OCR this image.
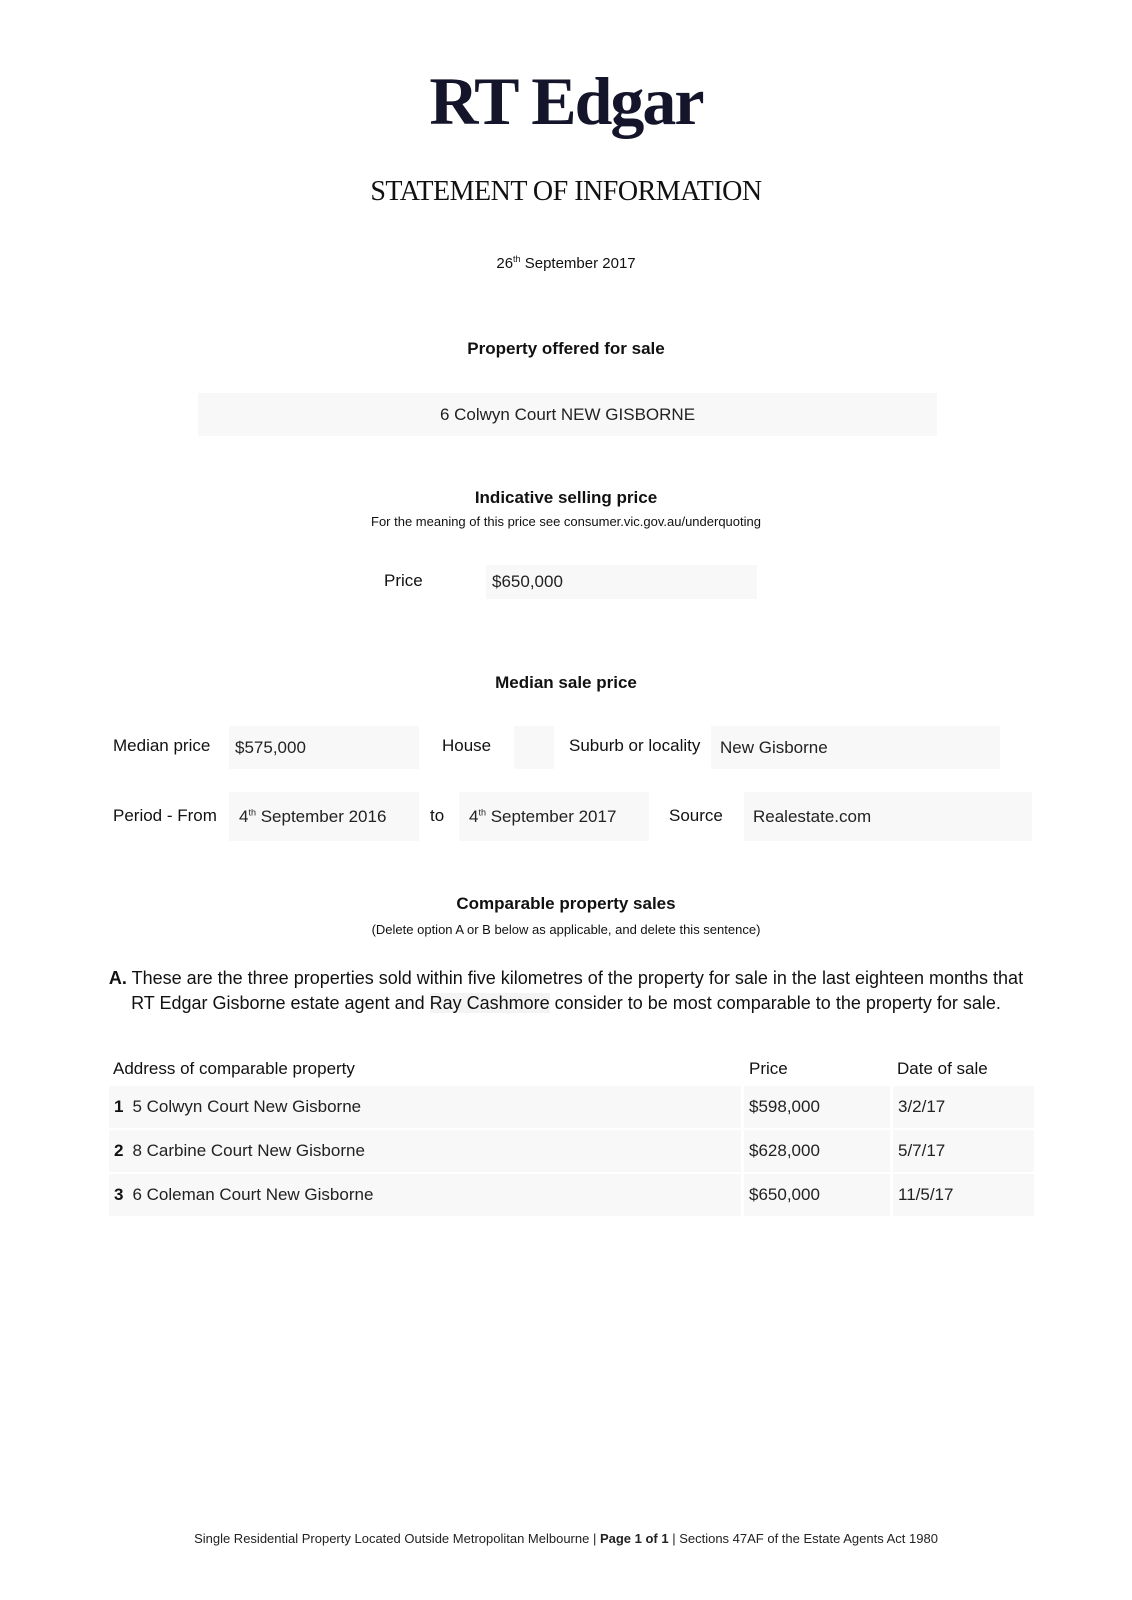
RT Edgar
STATEMENT OF INFORMATION
26th September 2017
Property offered for sale
6 Colwyn Court NEW GISBORNE
Indicative selling price
For the meaning of this price see consumer.vic.gov.au/underquoting
Price	$650,000
Median sale price
Median price $575,000	House	Suburb or locality New Gisborne
Period - From 4th September 2016	to 4th September 2017	Source Realestate.com
Comparable property sales
(Delete option A or B below as applicable, and delete this sentence)
A. These are the three properties sold within five kilometres of the property for sale in the last eighteen months that
RT Edgar Gisborne estate agent and Ray Cashmore consider to be most comparable to the property for sale.
Address of comparable property	Price	Date of sale
1 5 Colwyn Court New Gisborne	$598,000	3/2/17
2 8 Carbine Court New Gisborne	$628,000	5/7/17
3 6 Coleman Court New Gisborne	$650,000	11/5/17
Single Residential Property Located Outside Metropolitan Melbourne | Page 1 of 1 | Sections 47AF of the Estate Agents Act 1980
